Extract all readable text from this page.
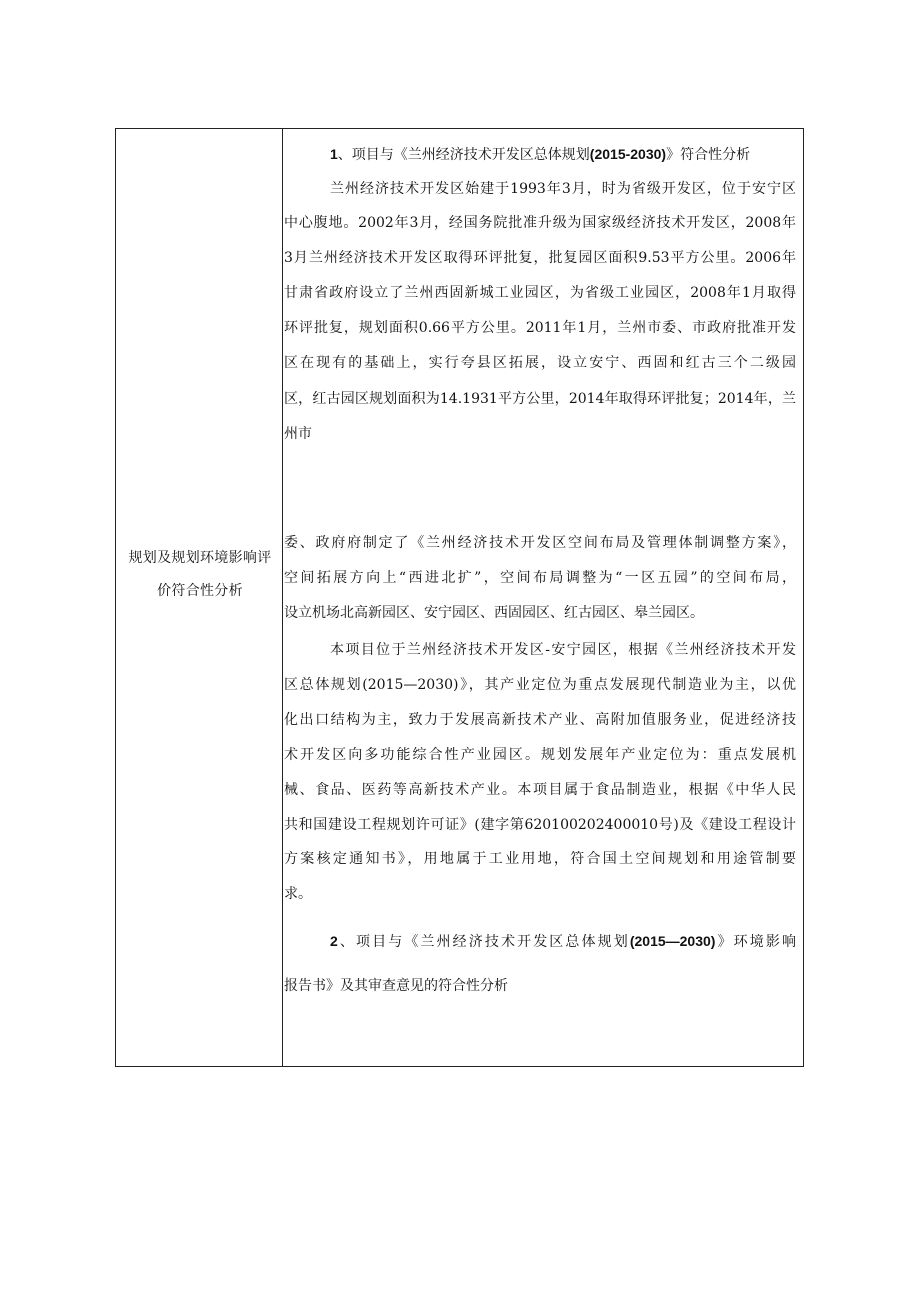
规划及规划环境影响评
价符合性分析
1、项目与《兰州经济技术开发区总体规划(2015-2030)》符合性分析
兰州经济技术开发区始建于1993年3月，时为省级开发区，位于安宁区
中心腹地。2002年3月，经国务院批准升级为国家级经济技术开发区，2008年
3月兰州经济技术开发区取得环评批复，批复园区面积9.53平方公里。2006年
甘肃省政府设立了兰州西固新城工业园区，为省级工业园区，2008年1月取得
环评批复，规划面积0.66平方公里。2011年1月，兰州市委、市政府批准开发
区在现有的基础上，实行夸县区拓展，设立安宁、西固和红古三个二级园
区，红古园区规划面积为14.1931平方公里，2014年取得环评批复；2014年，兰
州市
委、政府府制定了《兰州经济技术开发区空间布局及管理体制调整方案》，
空间拓展方向上“西进北扩”，空间布局调整为“一区五园”的空间布局，
设立机场北高新园区、安宁园区、西固园区、红古园区、皋兰园区。
本项目位于兰州经济技术开发区-安宁园区，根据《兰州经济技术开发
区总体规划(2015—2030)》，其产业定位为重点发展现代制造业为主，以优
化出口结构为主，致力于发展高新技术产业、高附加值服务业，促进经济技
术开发区向多功能综合性产业园区。规划发展年产业定位为：重点发展机
械、食品、医药等高新技术产业。本项目属于食品制造业，根据《中华人民
共和国建设工程规划许可证》(建字第620100202400010号)及《建设工程设计
方案核定通知书》，用地属于工业用地，符合国土空间规划和用途管制要
求。
2、项目与《兰州经济技术开发区总体规划(2015—2030)》环境影响
报告书》及其审查意见的符合性分析
